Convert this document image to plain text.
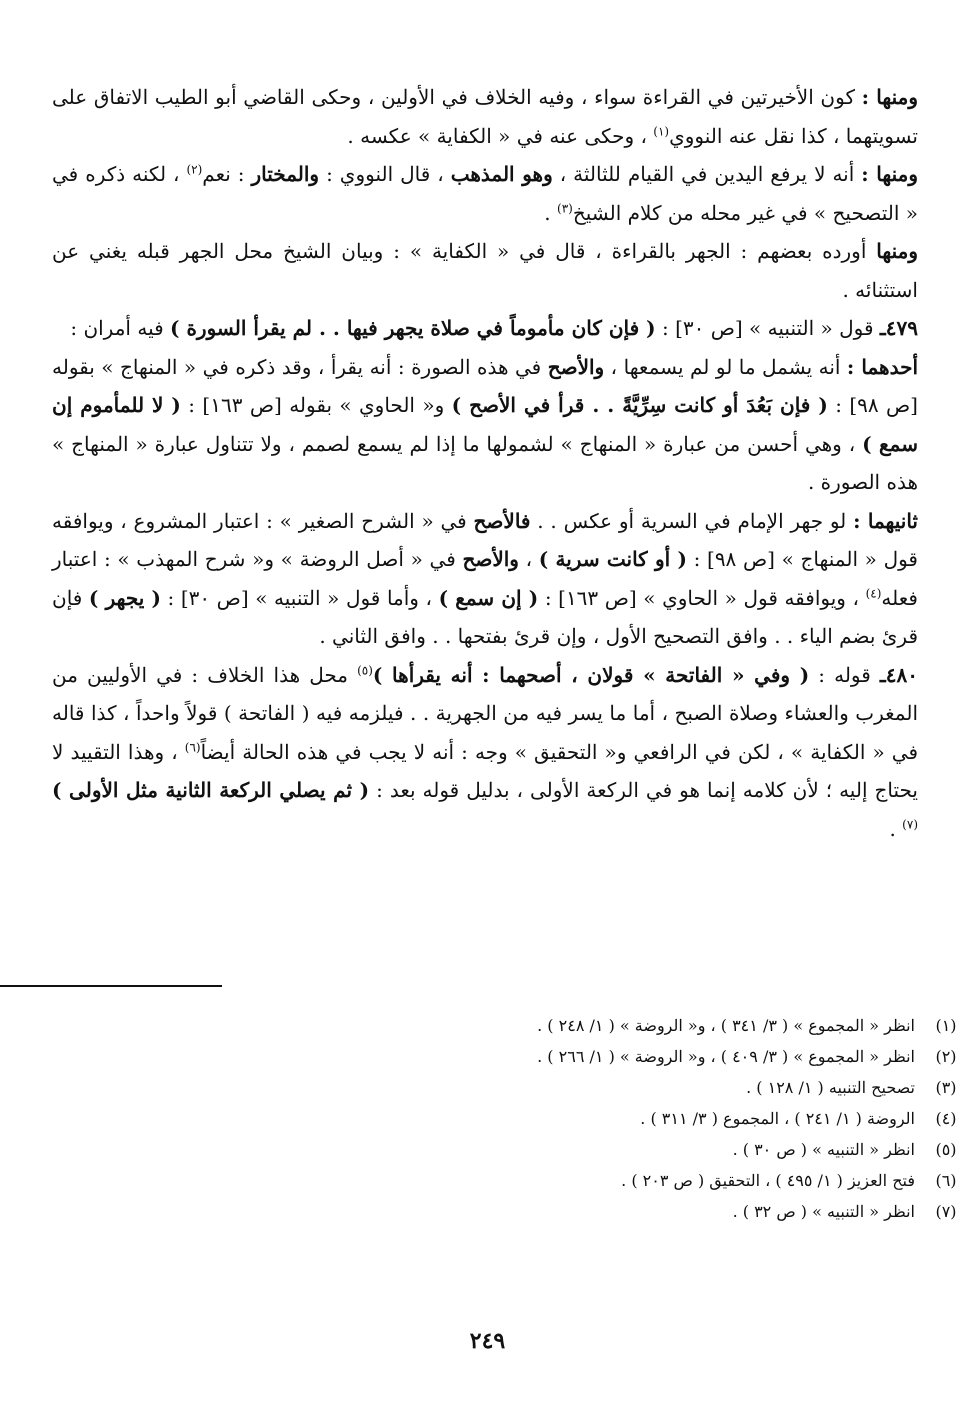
ومنها : كون الأخيرتين في القراءة سواء ، وفيه الخلاف في الأولين ، وحكى القاضي أبو الطيب الاتفاق على تسويتهما ، كذا نقل عنه النووي$^{(١)}$ ، وحكى عنه في « الكفاية » عكسه .

ومنها : أنه لا يرفع اليدين في القيام للثالثة ، وهو المذهب ، قال النووي : والمختار : نعم$^{(٢)}$ ، لكنه ذكره في « التصحيح » في غير محله من كلام الشيخ$^{(٣)}$ .

ومنها أورده بعضهم : الجهر بالقراءة ، قال في « الكفاية » : وبيان الشيخ محل الجهر قبله يغني عن استثنائه .

٤٧٩ـ قول « التنبيه » [ص ٣٠] : ( فإن كان مأموماً في صلاة يجهر فيها . . لم يقرأ السورة ) فيه أمران :

أحدهما : أنه يشمل ما لو لم يسمعها ، والأصح في هذه الصورة : أنه يقرأ ، وقد ذكره في « المنهاج » بقوله [ص ٩٨] : ( فإن بَعُدَ أو كانت سِرِّيَّةً . . قرأ في الأصح ) و« الحاوي » بقوله [ص ١٦٣] : ( لا للمأموم إن سمع ) ، وهي أحسن من عبارة « المنهاج » لشمولها ما إذا لم يسمع لصمم ، ولا تتناول عبارة « المنهاج » هذه الصورة .

ثانيهما : لو جهر الإمام في السرية أو عكس . . فالأصح في « الشرح الصغير » : اعتبار المشروع ، ويوافقه قول « المنهاج » [ص ٩٨] : ( أو كانت سرية ) ، والأصح في « أصل الروضة » و« شرح المهذب » : اعتبار فعله$^{(٤)}$ ، ويوافقه قول « الحاوي » [ص ١٦٣] : ( إن سمع ) ، وأما قول « التنبيه » [ص ٣٠] : ( يجهر ) فإن قرئ بضم الياء . . وافق التصحيح الأول ، وإن قرئ بفتحها . . وافق الثاني .

٤٨٠ـ قوله : ( وفي « الفاتحة » قولان ، أصحهما : أنه يقرأها )$^{(٥)}$ محل هذا الخلاف : في الأوليين من المغرب والعشاء وصلاة الصبح ، أما ما يسر فيه من الجهرية . . فيلزمه فيه ( الفاتحة ) قولاً واحداً ، كذا قاله في « الكفاية » ، لكن في الرافعي و« التحقيق » وجه : أنه لا يجب في هذه الحالة أيضاً$^{(٦)}$ ، وهذا التقييد لا يحتاج إليه ؛ لأن كلامه إنما هو في الركعة الأولى ، بدليل قوله بعد : ( ثم يصلي الركعة الثانية مثل الأولى )$^{(٧)}$ .

(١)
انظر « المجموع » ( ٣/ ٣٤١ ) ، و« الروضة » ( ١/ ٢٤٨ ) .
(٢)
انظر « المجموع » ( ٣/ ٤٠٩ ) ، و« الروضة » ( ١/ ٢٦٦ ) .
(٣)
تصحيح التنبيه ( ١/ ١٢٨ ) .
(٤)
الروضة ( ١/ ٢٤١ ) ، المجموع ( ٣/ ٣١١ ) .
(٥)
انظر « التنبيه » ( ص ٣٠ ) .
(٦)
فتح العزيز ( ١/ ٤٩٥ ) ، التحقيق ( ص ٢٠٣ ) .
(٧)
انظر « التنبيه » ( ص ٣٢ ) .
٢٤٩
